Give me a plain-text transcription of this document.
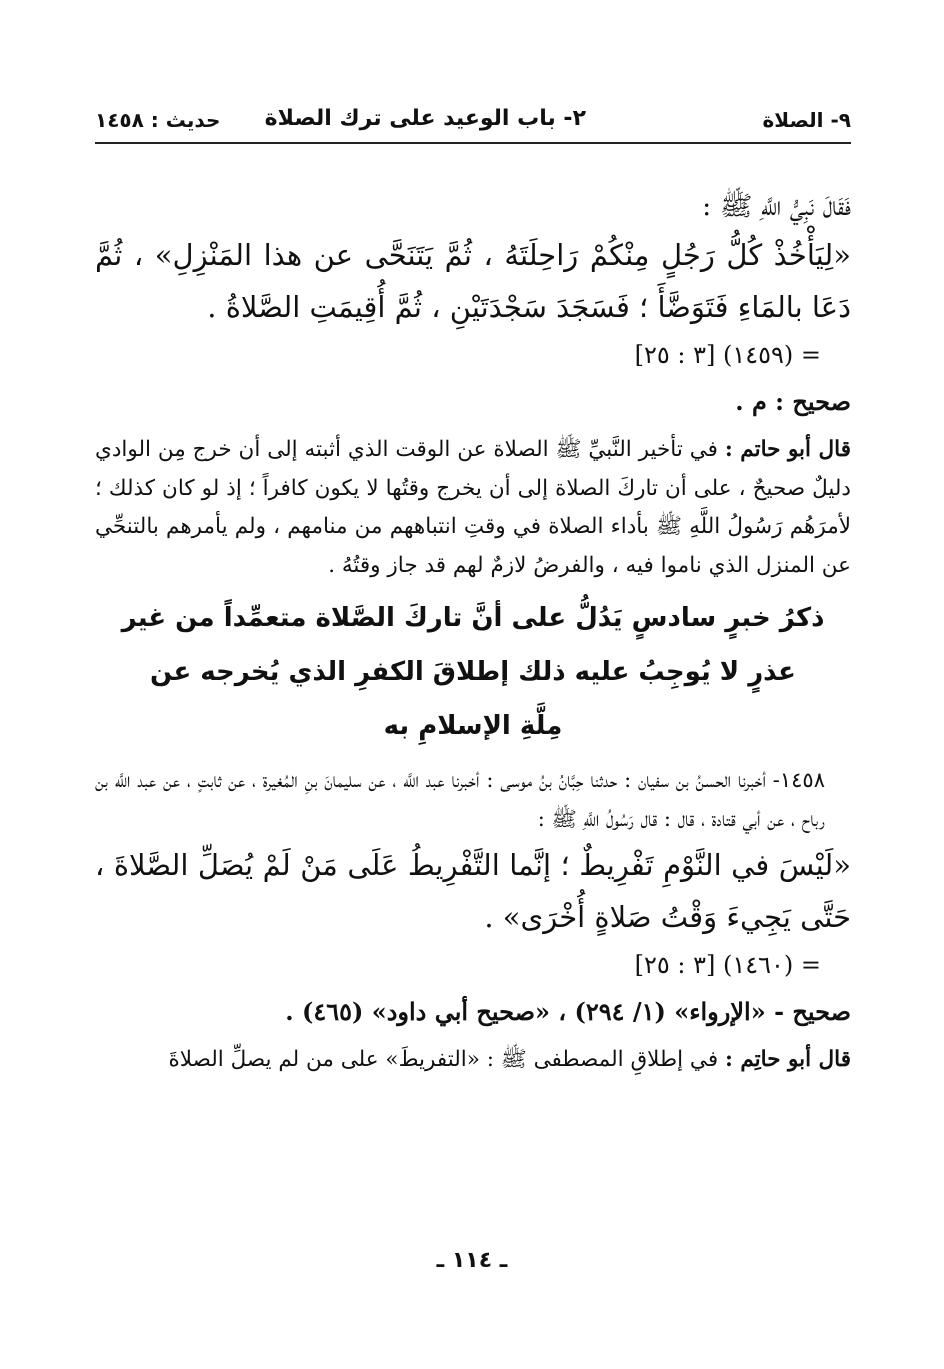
٩- الصلاة
٢- باب الوعيد على ترك الصلاة
حديث : ١٤٥٨
فَقَالَ نَبِيُّ اللَّهِ ﷺ :
«لِيَأْخُذْ كُلُّ رَجُلٍ مِنْكُمْ رَاحِلَتَهُ ، ثُمَّ يَتَنَحَّى عن هذا المَنْزِلِ» ، ثُمَّ دَعَا بالمَاءِ فَتَوَضَّأَ ؛ فَسَجَدَ سَجْدَتَيْنِ ، ثُمَّ أُقِيمَتِ الصَّلاةُ .
= (١٤٥٩) [٣ : ٢٥]
صحيح : م .
قال أبو حاتم : في تأخير النَّبيِّ ﷺ الصلاة عن الوقت الذي أثبته إلى أن خرج مِن الوادي دليلٌ صحيحٌ ، على أن تاركَ الصلاة إلى أن يخرج وقتُها لا يكون كافراً ؛ إذ لو كان كذلك ؛ لأمرَهُم رَسُولُ اللَّهِ ﷺ بأداء الصلاة في وقتِ انتباههم من منامهم ، ولم يأمرهم بالتنحِّي عن المنزل الذي ناموا فيه ، والفرضُ لازمٌ لهم قد جاز وقتُهُ .
ذكرُ خبرٍ سادسٍ يَدُلُّ على أنَّ تاركَ الصَّلاة متعمِّداً من غير
عذرٍ لا يُوجِبُ عليه ذلك إطلاقَ الكفرِ الذي يُخرجه عن
مِلَّةِ الإسلامِ به
١٤٥٨- أخبرنا الحسنُ بن سفيان : حدثنا حِبَّانُ بنُ موسى : أخبرنا عبد اللَّه ، عن سليمانَ بنِ المُغيرة ، عن ثابتٍ ، عن عبد اللَّه بن رباح ، عن أبي قتادة ، قال : قال رَسُولُ اللَّهِ ﷺ :
«لَيْسَ في النَّوْمِ تَفْرِيطٌ ؛ إنَّما التَّفْرِيطُ عَلَى مَنْ لَمْ يُصَلِّ الصَّلاةَ ، حَتَّى يَجِيءَ وَقْتُ صَلاةٍ أُخْرَى» .
= (١٤٦٠) [٣ : ٢٥]
صحيح - «الإرواء» (١/ ٢٩٤) ، «صحيح أبي داود» (٤٦٥) .
قال أبو حاتِم : في إطلاقِ المصطفى ﷺ : «التفريطَ» على من لم يصلِّ الصلاةَ
ـ ١١٤ ـ
